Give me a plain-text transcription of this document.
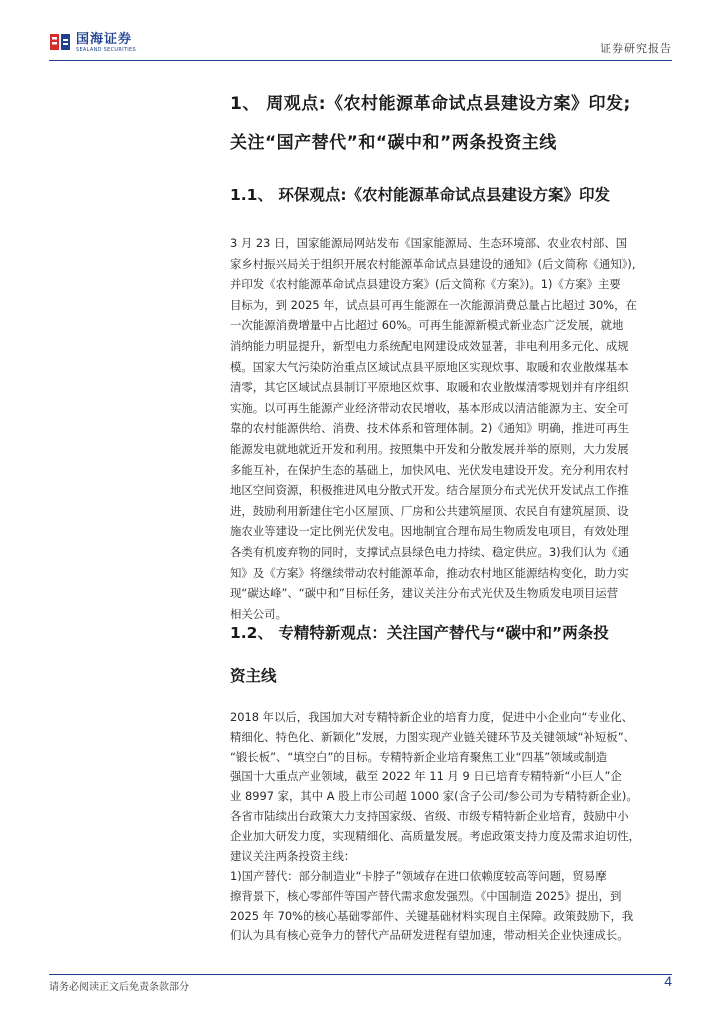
国海证券
SEALAND SECURITIES	证券研究报告
1、 周观点:《农村能源革命试点县建设方案》印发;
关注“国产替代”和“碳中和”两条投资主线
1.1、 环保观点:《农村能源革命试点县建设方案》印发
3 月 23 日，国家能源局网站发布《国家能源局、生态环境部、农业农村部、国
家乡村振兴局关于组织开展农村能源革命试点县建设的通知》(后文简称《通知》),
并印发《农村能源革命试点县建设方案》(后文简称《方案》)。1)《方案》主要
目标为，到 2025 年，试点县可再生能源在一次能源消费总量占比超过 30%，在
一次能源消费增量中占比超过 60%。可再生能源新模式新业态广泛发展，就地
消纳能力明显提升，新型电力系统配电网建设成效显著，非电利用多元化、成规
模。国家大气污染防治重点区域试点县平原地区实现炊事、取暖和农业散煤基本
清零，其它区域试点县制订平原地区炊事、取暖和农业散煤清零规划并有序组织
实施。以可再生能源产业经济带动农民增收，基本形成以清洁能源为主、安全可
靠的农村能源供给、消费、技术体系和管理体制。2)《通知》明确，推进可再生
能源发电就地就近开发和利用。按照集中开发和分散发展并举的原则，大力发展
多能互补，在保护生态的基础上，加快风电、光伏发电建设开发。充分利用农村
地区空间资源，积极推进风电分散式开发。结合屋顶分布式光伏开发试点工作推
进，鼓励利用新建住宅小区屋顶、厂房和公共建筑屋顶、农民自有建筑屋顶、设
施农业等建设一定比例光伏发电。因地制宜合理布局生物质发电项目，有效处理
各类有机废弃物的同时，支撑试点县绿色电力持续、稳定供应。3)我们认为《通
知》及《方案》将继续带动农村能源革命，推动农村地区能源结构变化，助力实
现“碳达峰”、“碳中和”目标任务，建议关注分布式光伏及生物质发电项目运营
相关公司。
1.2、 专精特新观点：关注国产替代与“碳中和”两条投
资主线
2018 年以后，我国加大对专精特新企业的培育力度，促进中小企业向“专业化、
精细化、特色化、新颖化”发展，力图实现产业链关键环节及关键领域“补短板”、
“锻长板”、“填空白”的目标。专精特新企业培育聚焦工业“四基”领域或制造
强国十大重点产业领域，截至 2022 年 11 月 9 日已培育专精特新“小巨人”企
业 8997 家，其中 A 股上市公司超 1000 家(含子公司/参公司为专精特新企业)。
各省市陆续出台政策大力支持国家级、省级、市级专精特新企业培育，鼓励中小
企业加大研发力度，实现精细化、高质量发展。考虑政策支持力度及需求迫切性，
建议关注两条投资主线：
1)国产替代：部分制造业“卡脖子”领域存在进口依赖度较高等问题，贸易摩
擦背景下，核心零部件等国产替代需求愈发强烈。《中国制造 2025》提出，到
2025 年 70%的核心基础零部件、关键基础材料实现自主保障。政策鼓励下，我
们认为具有核心竞争力的替代产品研发进程有望加速，带动相关企业快速成长。
请务必阅读正文后免责条款部分	4
